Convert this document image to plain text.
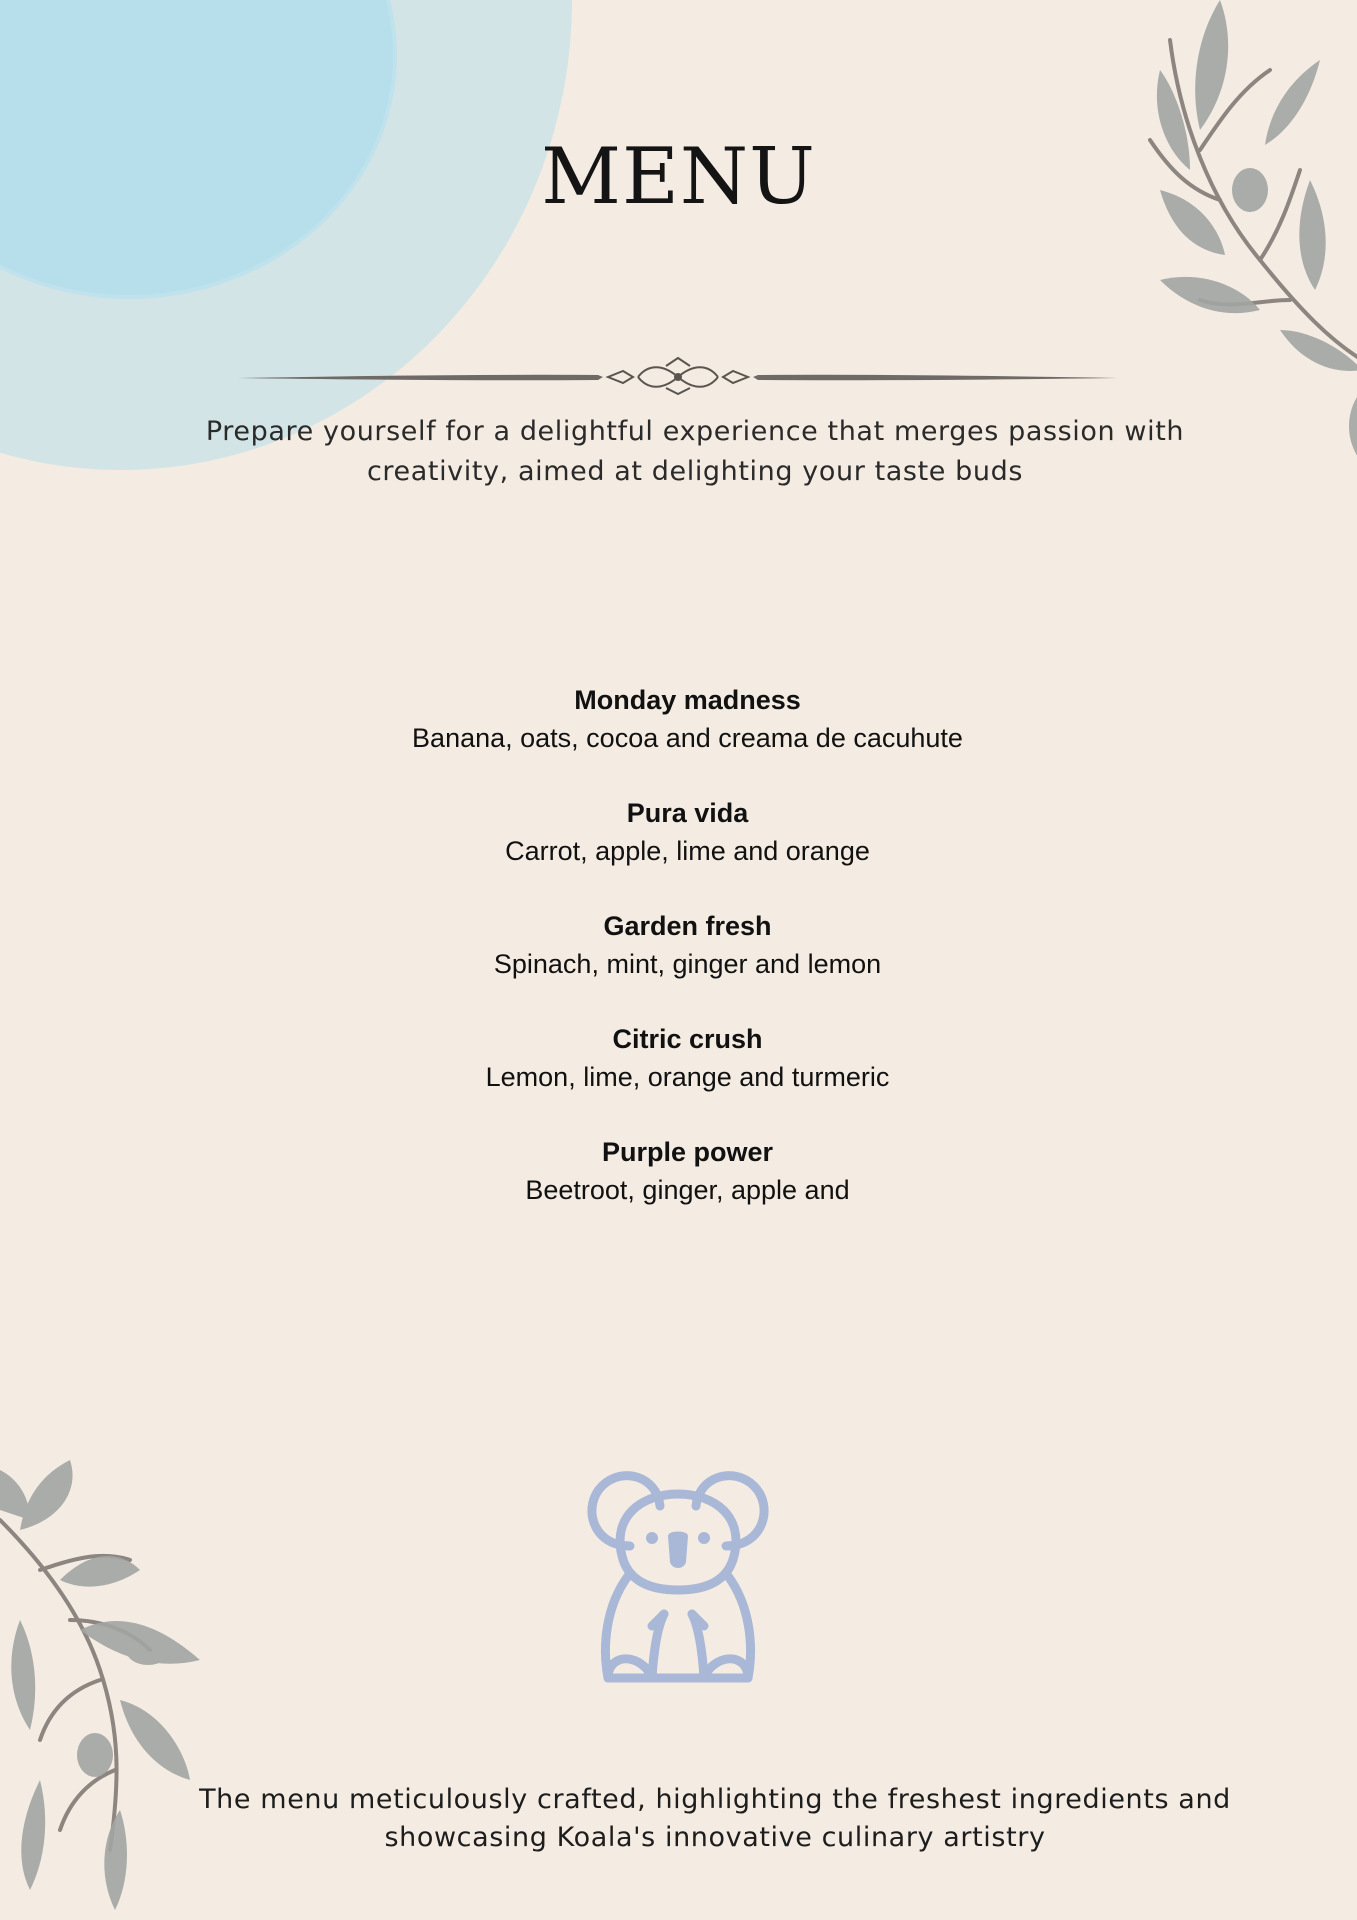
MENU
Prepare yourself for a delightful experience that merges passion with creativity, aimed at delighting your taste buds
Monday madness
Banana, oats, cocoa and creama de cacuhute
Pura vida
Carrot, apple, lime and orange
Garden fresh
Spinach, mint, ginger and lemon
Citric crush
Lemon, lime, orange and turmeric
Purple power
Beetroot, ginger, apple and
The menu meticulously crafted, highlighting the freshest ingredients and showcasing Koala's innovative culinary artistry
